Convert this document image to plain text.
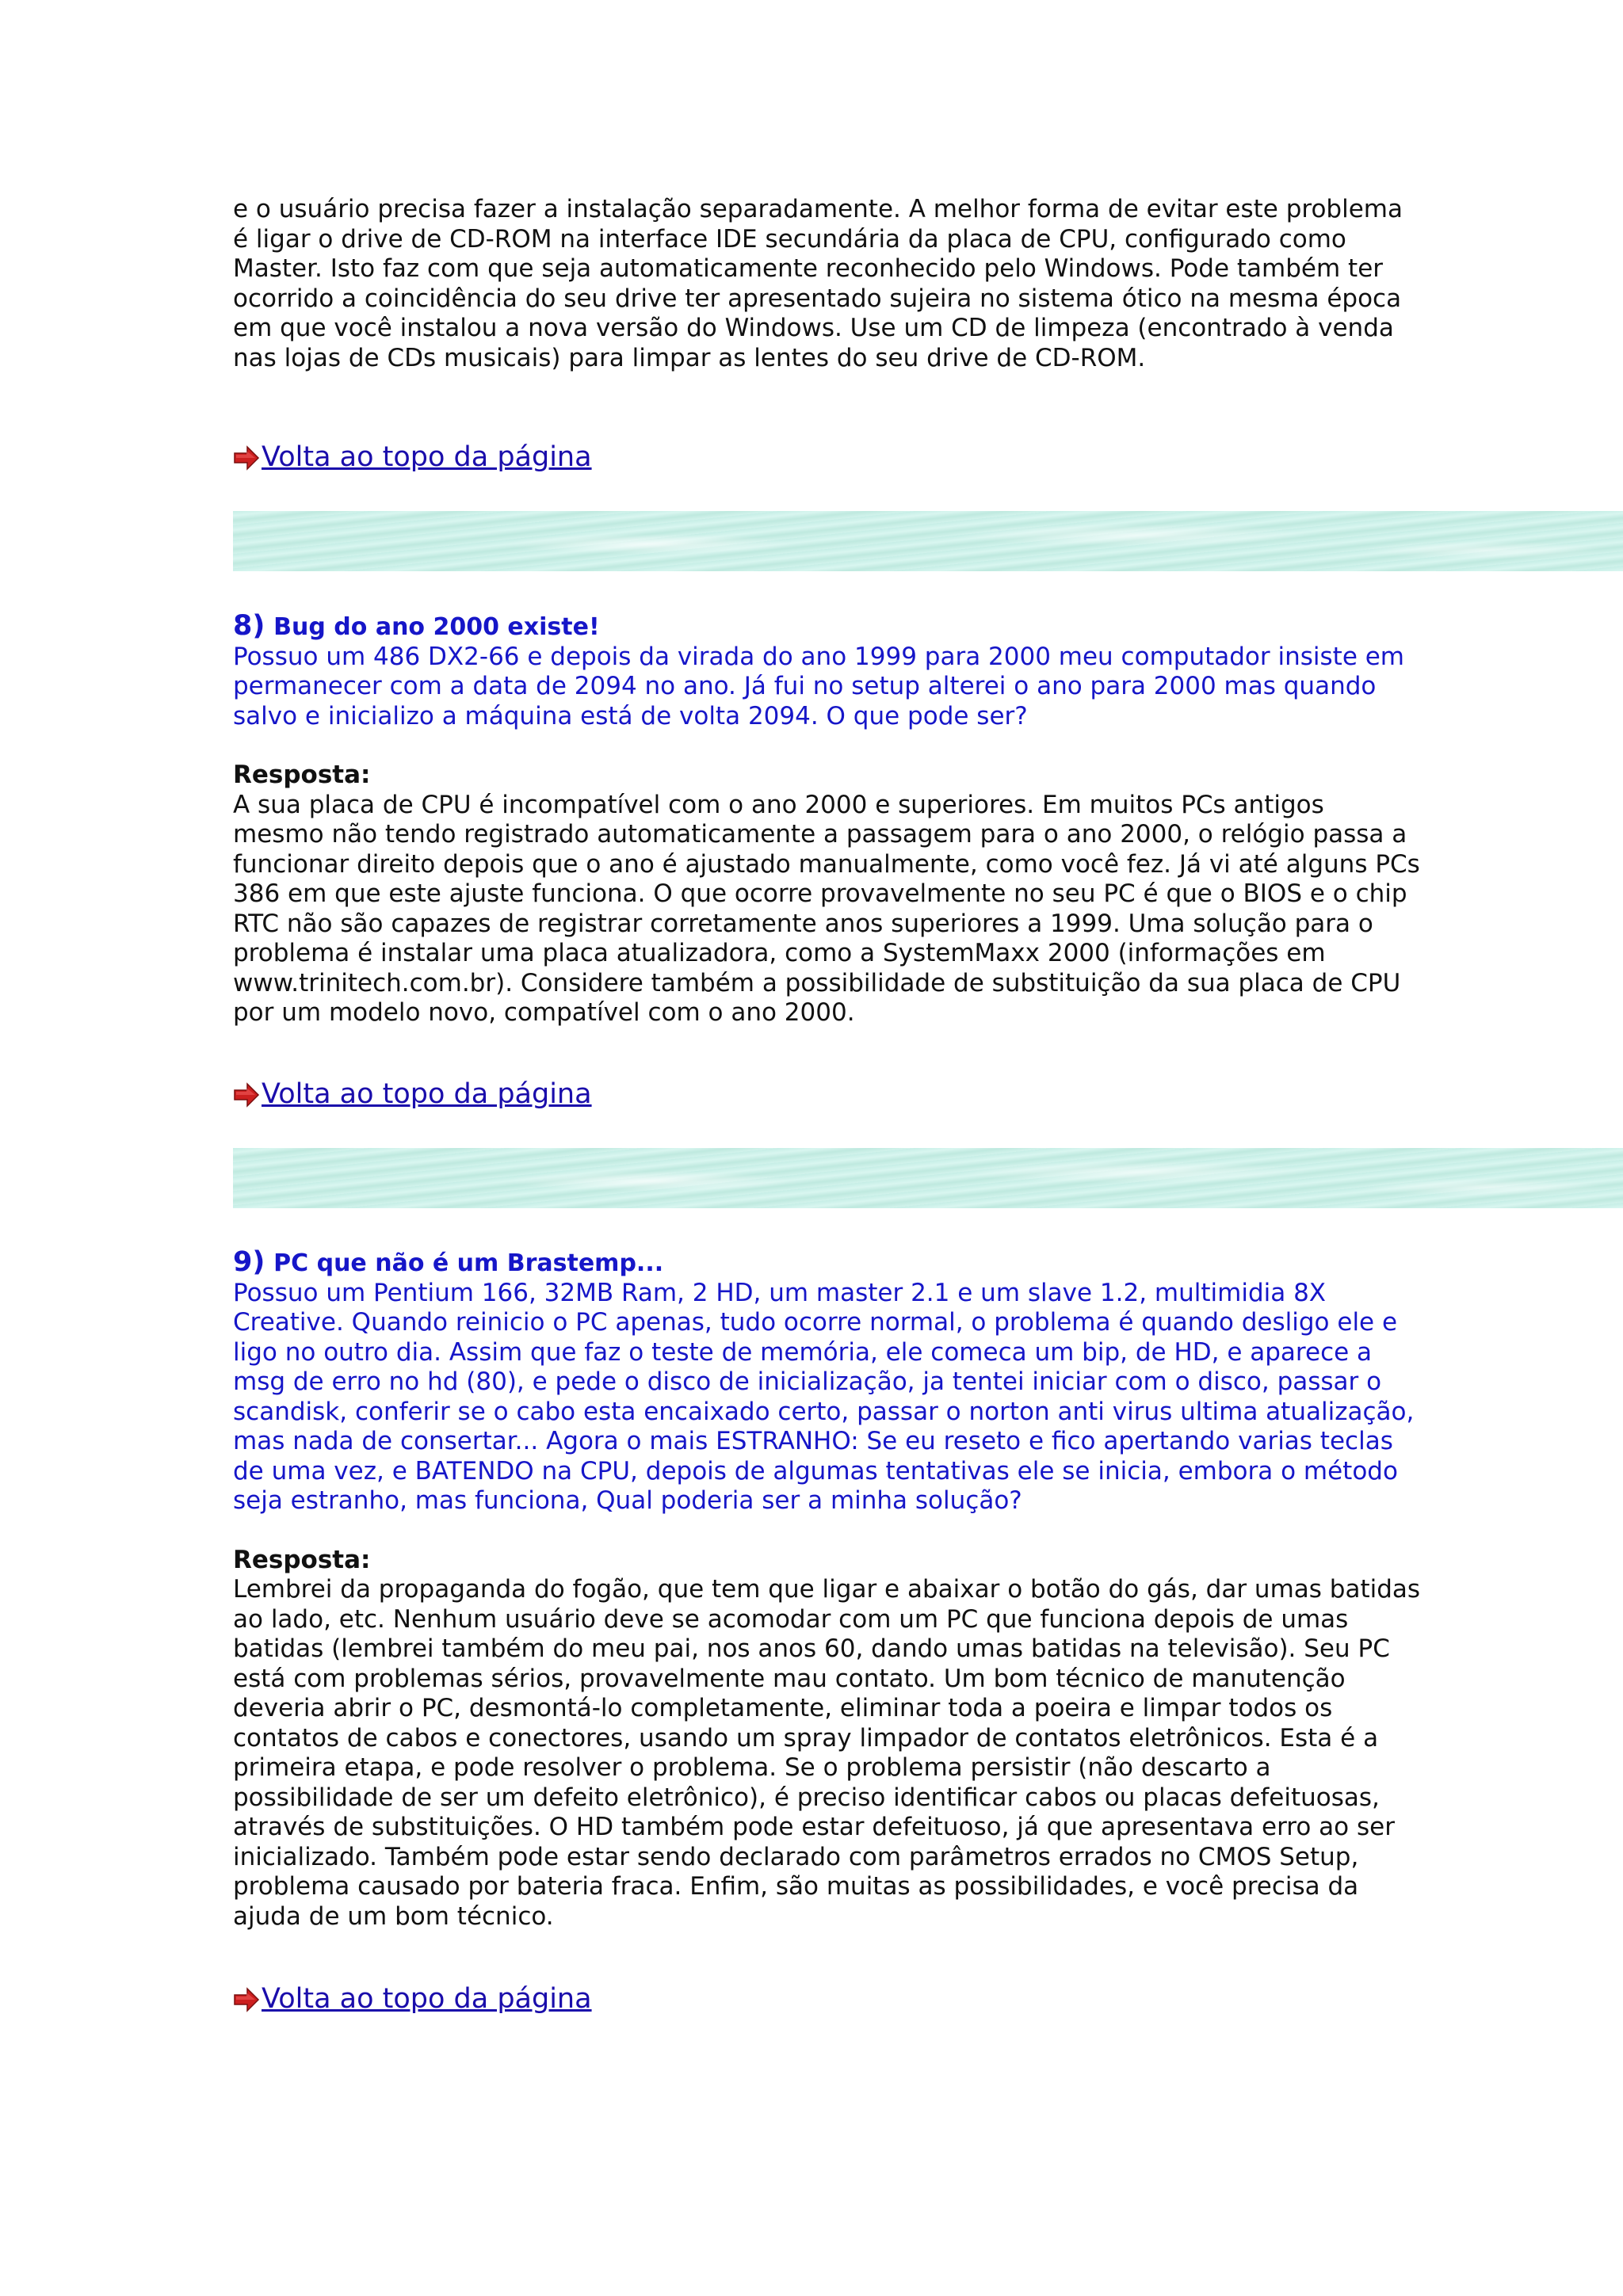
e o usuário precisa fazer a instalação separadamente. A melhor forma de evitar este problema é ligar o drive de CD-ROM na interface IDE secundária da placa de CPU, configurado como Master. Isto faz com que seja automaticamente reconhecido pelo Windows. Pode também ter ocorrido a coincidência do seu drive ter apresentado sujeira no sistema ótico na mesma época em que você instalou a nova versão do Windows. Use um CD de limpeza (encontrado à venda nas lojas de CDs musicais) para limpar as lentes do seu drive de CD-ROM.

Volta ao topo da página

8) Bug do ano 2000 existe!

Possuo um 486 DX2-66 e depois da virada do ano 1999 para 2000 meu computador insiste em permanecer com a data de 2094 no ano. Já fui no setup alterei o ano para 2000 mas quando salvo e inicializo a máquina está de volta 2094. O que pode ser?

Resposta:

A sua placa de CPU é incompatível com o ano 2000 e superiores. Em muitos PCs antigos mesmo não tendo registrado automaticamente a passagem para o ano 2000, o relógio passa a funcionar direito depois que o ano é ajustado manualmente, como você fez. Já vi até alguns PCs 386 em que este ajuste funciona. O que ocorre provavelmente no seu PC é que o BIOS e o chip RTC não são capazes de registrar corretamente anos superiores a 1999. Uma solução para o problema é instalar uma placa atualizadora, como a SystemMaxx 2000 (informações em www.trinitech.com.br). Considere também a possibilidade de substituição da sua placa de CPU por um modelo novo, compatível com o ano 2000.

Volta ao topo da página

9) PC que não é um Brastemp...

Possuo um Pentium 166, 32MB Ram, 2 HD, um master 2.1 e um slave 1.2, multimidia 8X Creative. Quando reinicio o PC apenas, tudo ocorre normal, o problema é quando desligo ele e ligo no outro dia. Assim que faz o teste de memória, ele comeca um bip, de HD, e aparece a msg de erro no hd (80), e pede o disco de inicialização, ja tentei iniciar com o disco, passar o scandisk, conferir se o cabo esta encaixado certo, passar o norton anti virus ultima atualização, mas nada de consertar... Agora o mais ESTRANHO: Se eu reseto e fico apertando varias teclas de uma vez, e BATENDO na CPU, depois de algumas tentativas ele se inicia, embora o método seja estranho, mas funciona, Qual poderia ser a minha solução?

Resposta:

Lembrei da propaganda do fogão, que tem que ligar e abaixar o botão do gás, dar umas batidas ao lado, etc. Nenhum usuário deve se acomodar com um PC que funciona depois de umas batidas (lembrei também do meu pai, nos anos 60, dando umas batidas na televisão). Seu PC está com problemas sérios, provavelmente mau contato. Um bom técnico de manutenção deveria abrir o PC, desmontá-lo completamente, eliminar toda a poeira e limpar todos os contatos de cabos e conectores, usando um spray limpador de contatos eletrônicos. Esta é a primeira etapa, e pode resolver o problema. Se o problema persistir (não descarto a possibilidade de ser um defeito eletrônico), é preciso identificar cabos ou placas defeituosas, através de substituições. O HD também pode estar defeituoso, já que apresentava erro ao ser inicializado. Também pode estar sendo declarado com parâmetros errados no CMOS Setup, problema causado por bateria fraca. Enfim, são muitas as possibilidades, e você precisa da ajuda de um bom técnico.

Volta ao topo da página
